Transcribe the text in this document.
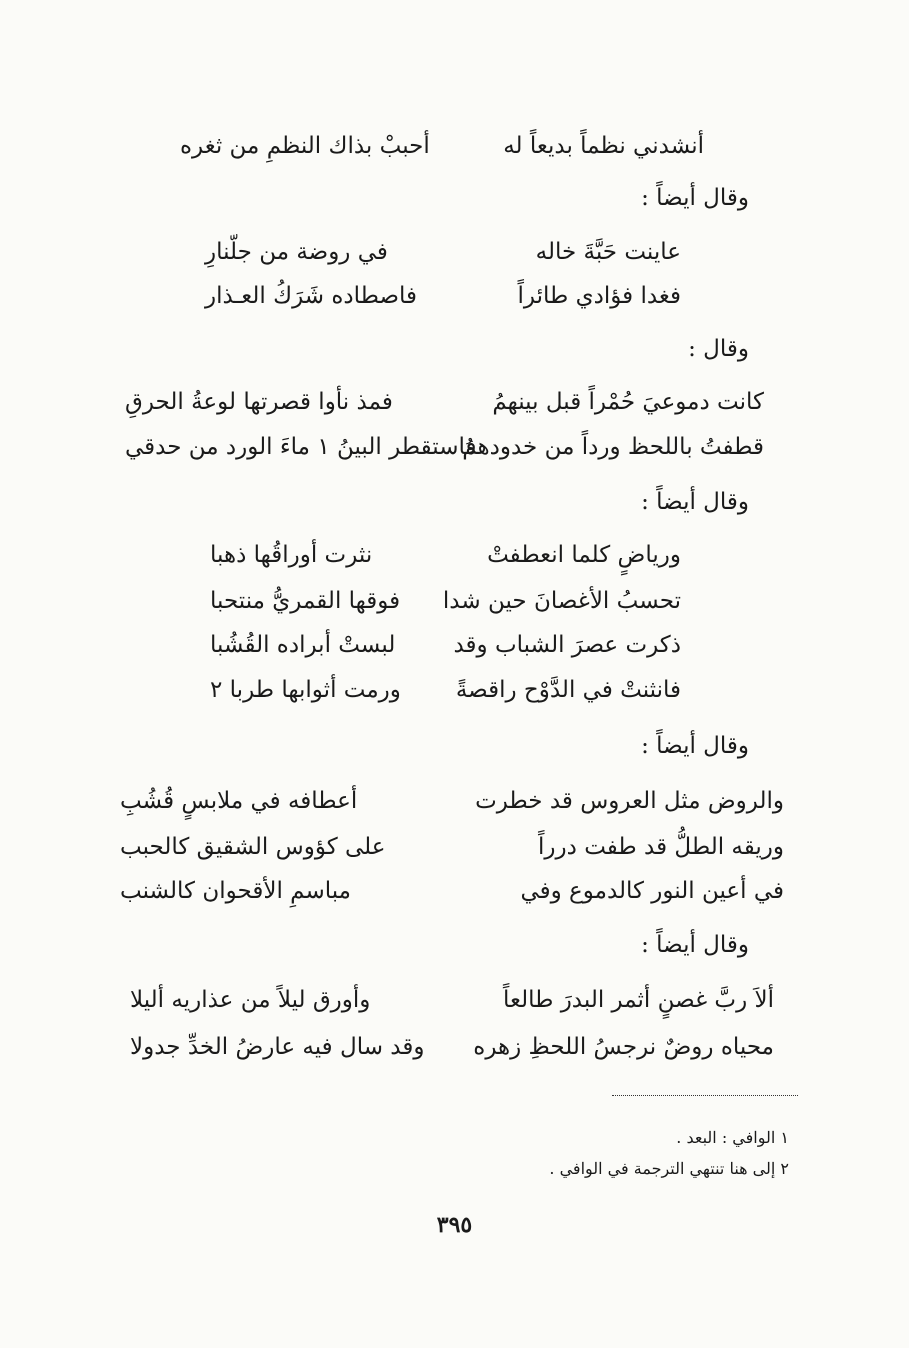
أنشدني نظماً بديعاً له
أحببْ بذاك النظمِ من ثغره
وقال أيضاً :
عاينت حَبَّةَ خاله
في روضة من جلّنارِ
فغدا فؤادي طائراً
فاصطاده شَرَكُ العـذار
وقال :
كانت دموعيَ حُمْراً قبل بينهمُ
فمذ نأوا قصرتها لوعةُ الحرقِ
قطفتُ باللحظ ورداً من خدودهمُ
فاستقطر البينُ ١ ماءَ الورد من حدقي
وقال أيضاً :
ورياضٍ كلما انعطفتْ
نثرت أوراقُها ذهبا
تحسبُ الأغصانَ حين شدا
فوقها القمريُّ منتحبا
ذكرت عصرَ الشباب وقد
لبستْ أبراده القُشُبا
فانثنتْ في الدَّوْح راقصةً
ورمت أثوابها طربا ٢
وقال أيضاً :
والروض مثل العروس قد خطرت
أعطافه في ملابسٍ قُشُبِ
وريقه الطلُّ قد طفت درراً
على كؤوس الشقيق كالحبب
في أعين النور كالدموع وفي
مباسمِ الأقحوان كالشنب
وقال أيضاً :
ألاَ ربَّ غصنٍ أثمر البدرَ طالعاً
وأورق ليلاً من عذاريه أليلا
محياه روضٌ نرجسُ اللحظِ زهره
وقد سال فيه عارضُ الخدِّ جدولا
١ الوافي : البعد .
٢ إلى هنا تنتهي الترجمة في الوافي .
٣٩٥
